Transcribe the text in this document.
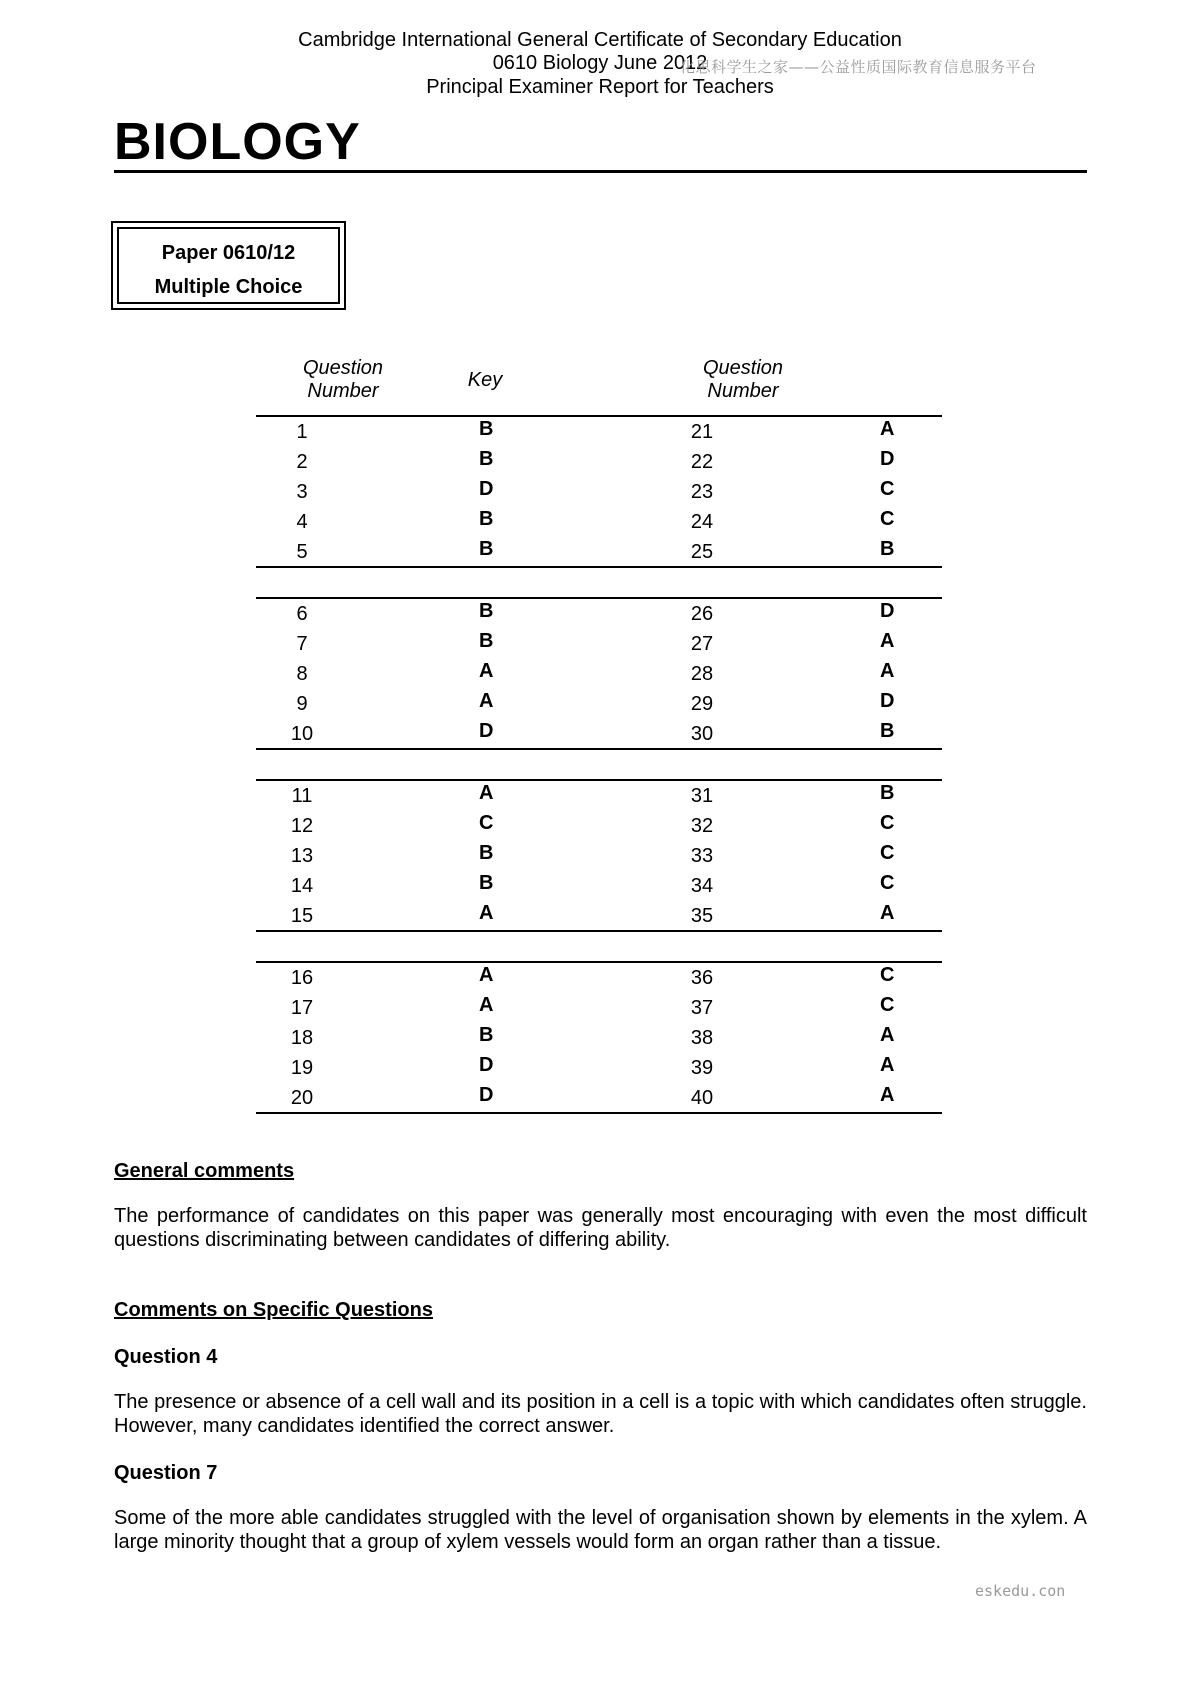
Cambridge International General Certificate of Secondary Education
0610 Biology June 2012
Principal Examiner Report for Teachers
化思科学生之家——公益性质国际教育信息服务平台
BIOLOGY
Paper 0610/12
Multiple Choice
Question
Number	Key
Question
Number
1	B	21	A
2	B	22	D
3	D	23	C
4	B	24	C
5	B	25	B
6	B	26	D
7	B	27	A
8	A	28	A
9	A	29	D
10	D	30	B
11	A	31	B
12	C	32	C
13	B	33	C
14	B	34	C
15	A	35	A
16	A	36	C
17	A	37	C
18	B	38	A
19	D	39	A
20	D	40	A
General comments
The performance of candidates on this paper was generally most encouraging with even the most difficult questions discriminating between candidates of differing ability.
Comments on Specific Questions
Question 4
The presence or absence of a cell wall and its position in a cell is a topic with which candidates often struggle. However, many candidates identified the correct answer.
Question 7
Some of the more able candidates struggled with the level of organisation shown by elements in the xylem. A large minority thought that a group of xylem vessels would form an organ rather than a tissue.
eskedu.con
